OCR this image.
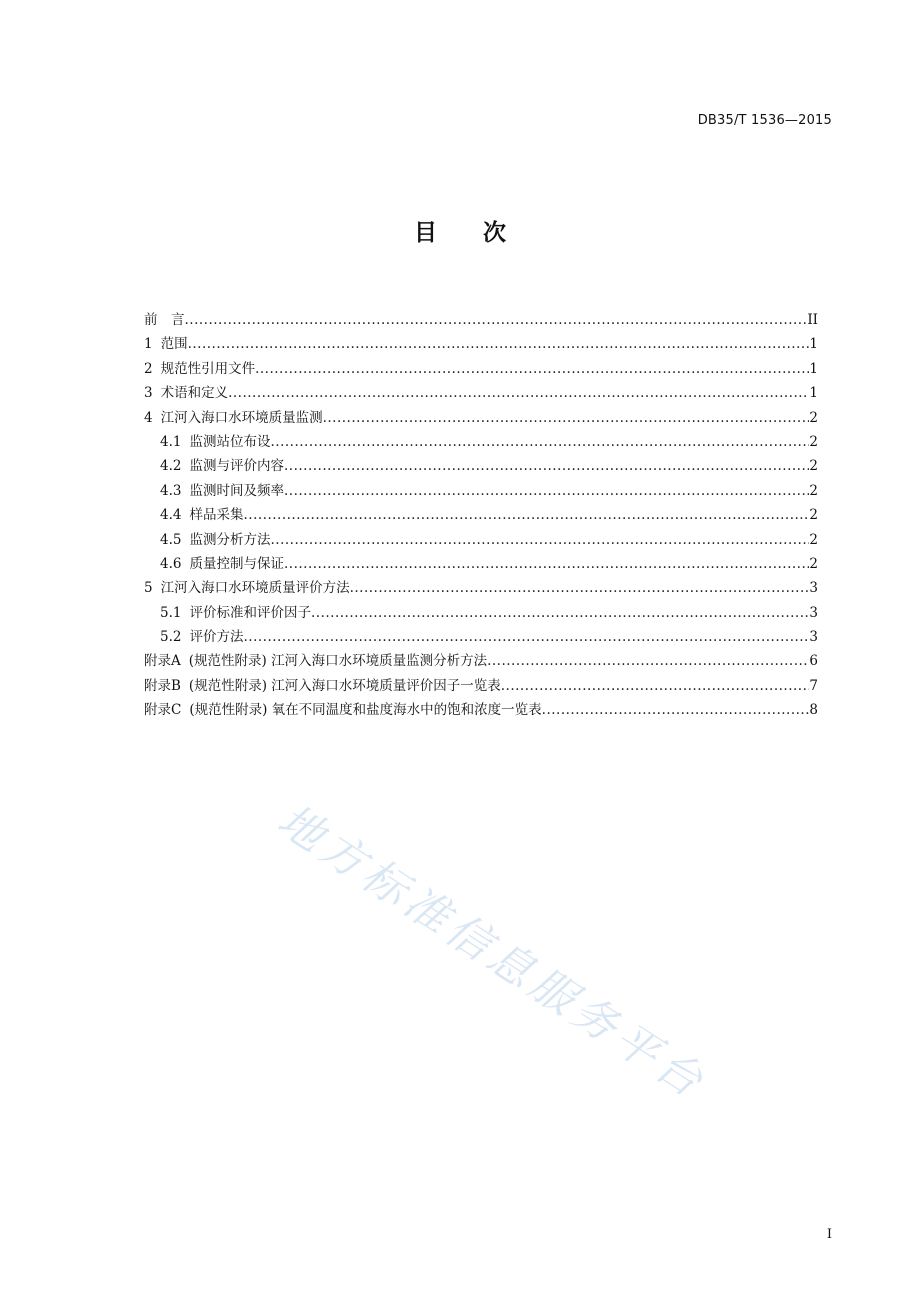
DB35/T 1536—2015
目次
前　言 .....	II
1 范围 .....	1
2 规范性引用文件 .....	1
3 术语和定义 .....	1
4 江河入海口水环境质量监测 .....	2
4.1 监测站位布设 .....	2
4.2 监测与评价内容 .....	2
4.3 监测时间及频率 .....	2
4.4 样品采集 .....	2
4.5 监测分析方法 .....	2
4.6 质量控制与保证 .....	2
5 江河入海口水环境质量评价方法 .....	3
5.1 评价标准和评价因子 .....	3
5.2 评价方法 .....	3
附录A (规范性附录) 江河入海口水环境质量监测分析方法 .....	6
附录B (规范性附录) 江河入海口水环境质量评价因子一览表 .....	7
附录C (规范性附录) 氧在不同温度和盐度海水中的饱和浓度一览表 .....	8
地方标准信息服务平台
I
